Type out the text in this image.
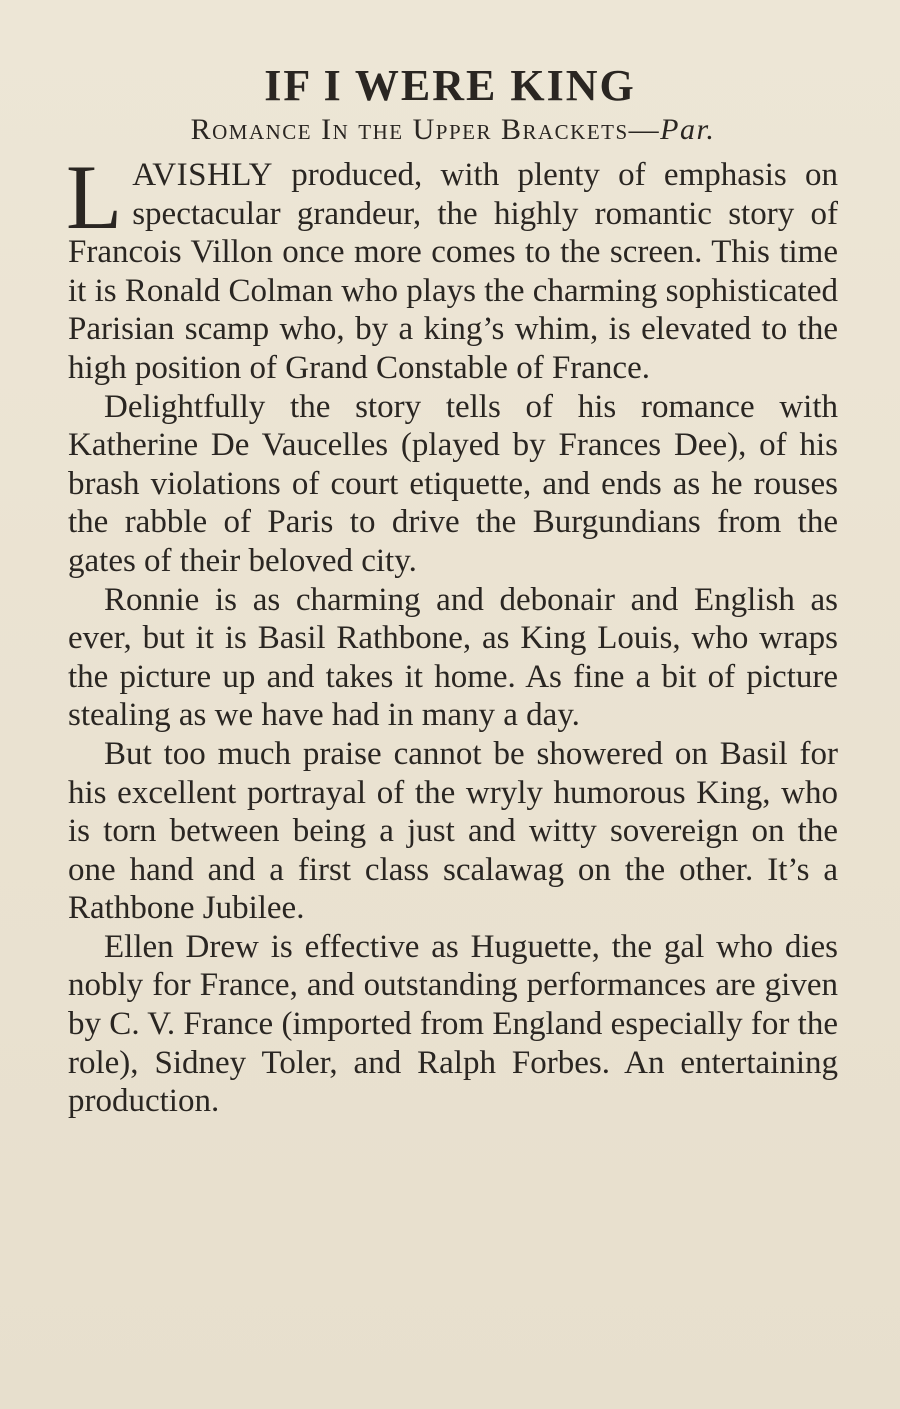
IF I WERE KING
Romance In the Upper Brackets—Par.

LAVISHLY produced, with plenty of emphasis on spectacular grandeur, the highly romantic story of Francois Villon once more comes to the screen. This time it is Ronald Colman who plays the charming sophisticated Parisian scamp who, by a king’s whim, is elevated to the high position of Grand Constable of France.

Delightfully the story tells of his romance with Katherine De Vaucelles (played by Frances Dee), of his brash violations of court etiquette, and ends as he rouses the rabble of Paris to drive the Burgundians from the gates of their beloved city.

Ronnie is as charming and debonair and English as ever, but it is Basil Rathbone, as King Louis, who wraps the picture up and takes it home. As fine a bit of picture stealing as we have had in many a day.

But too much praise cannot be showered on Basil for his excellent portrayal of the wryly humorous King, who is torn between being a just and witty sovereign on the one hand and a first class scalawag on the other. It’s a Rathbone Jubilee.

Ellen Drew is effective as Huguette, the gal who dies nobly for France, and outstanding performances are given by C. V. France (imported from England especially for the role), Sidney Toler, and Ralph Forbes. An entertaining production.
